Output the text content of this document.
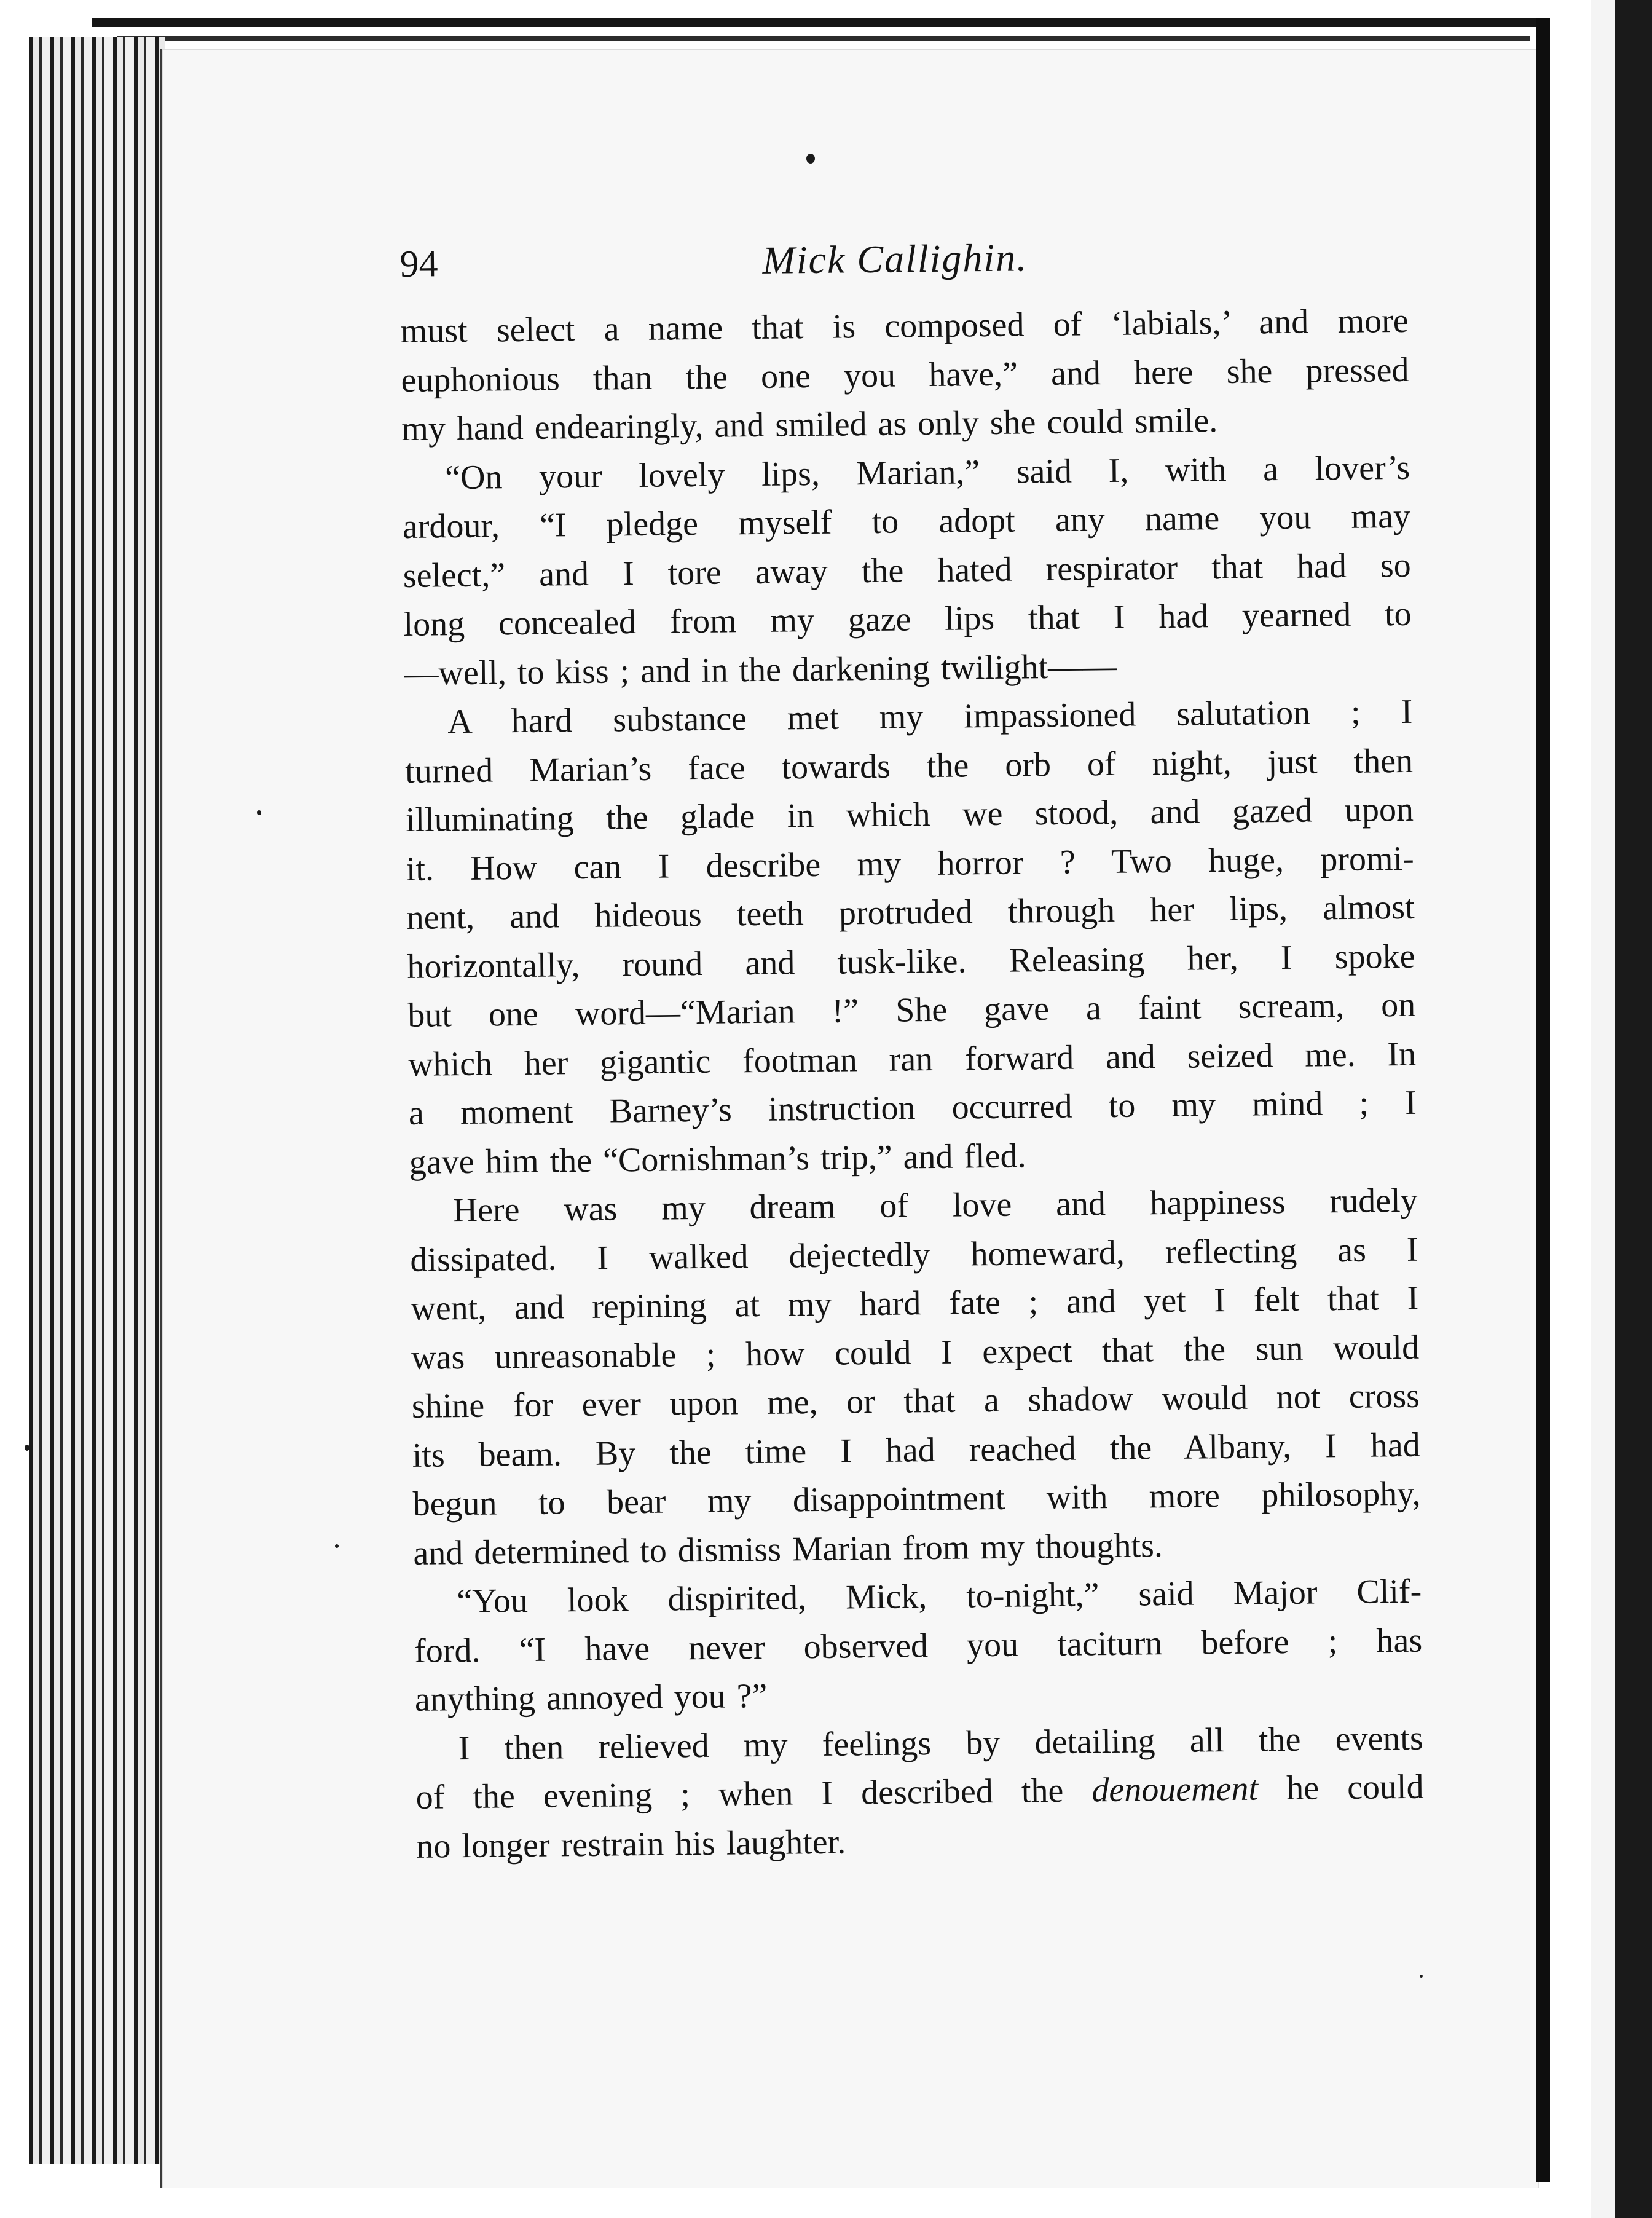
94	Mick Callighin.

must select a name that is composed of ‘labials,’ and more
euphonious than the one you have,” and here she pressed
my hand endearingly, and smiled as only she could smile.

“On your lovely lips, Marian,” said I, with a lover’s
ardour, “I pledge myself to adopt any name you may
select,” and I tore away the hated respirator that had so
long concealed from my gaze lips that I had yearned to
—well, to kiss ; and in the darkening twilight——

A hard substance met my impassioned salutation ; I
turned Marian’s face towards the orb of night, just then
illuminating the glade in which we stood, and gazed upon
it. How can I describe my horror ? Two huge, promi-
nent, and hideous teeth protruded through her lips, almost
horizontally, round and tusk-like. Releasing her, I spoke
but one word—“Marian !” She gave a faint scream, on
which her gigantic footman ran forward and seized me. In
a moment Barney’s instruction occurred to my mind ; I
gave him the “Cornishman’s trip,” and fled.

Here was my dream of love and happiness rudely
dissipated. I walked dejectedly homeward, reflecting as I
went, and repining at my hard fate ; and yet I felt that I
was unreasonable ; how could I expect that the sun would
shine for ever upon me, or that a shadow would not cross
its beam. By the time I had reached the Albany, I had
begun to bear my disappointment with more philosophy,
and determined to dismiss Marian from my thoughts.

“You look dispirited, Mick, to-night,” said Major Clif-
ford. “I have never observed you taciturn before ; has
anything annoyed you ?”

I then relieved my feelings by detailing all the events
of the evening ; when I described the denouement he could
no longer restrain his laughter.
